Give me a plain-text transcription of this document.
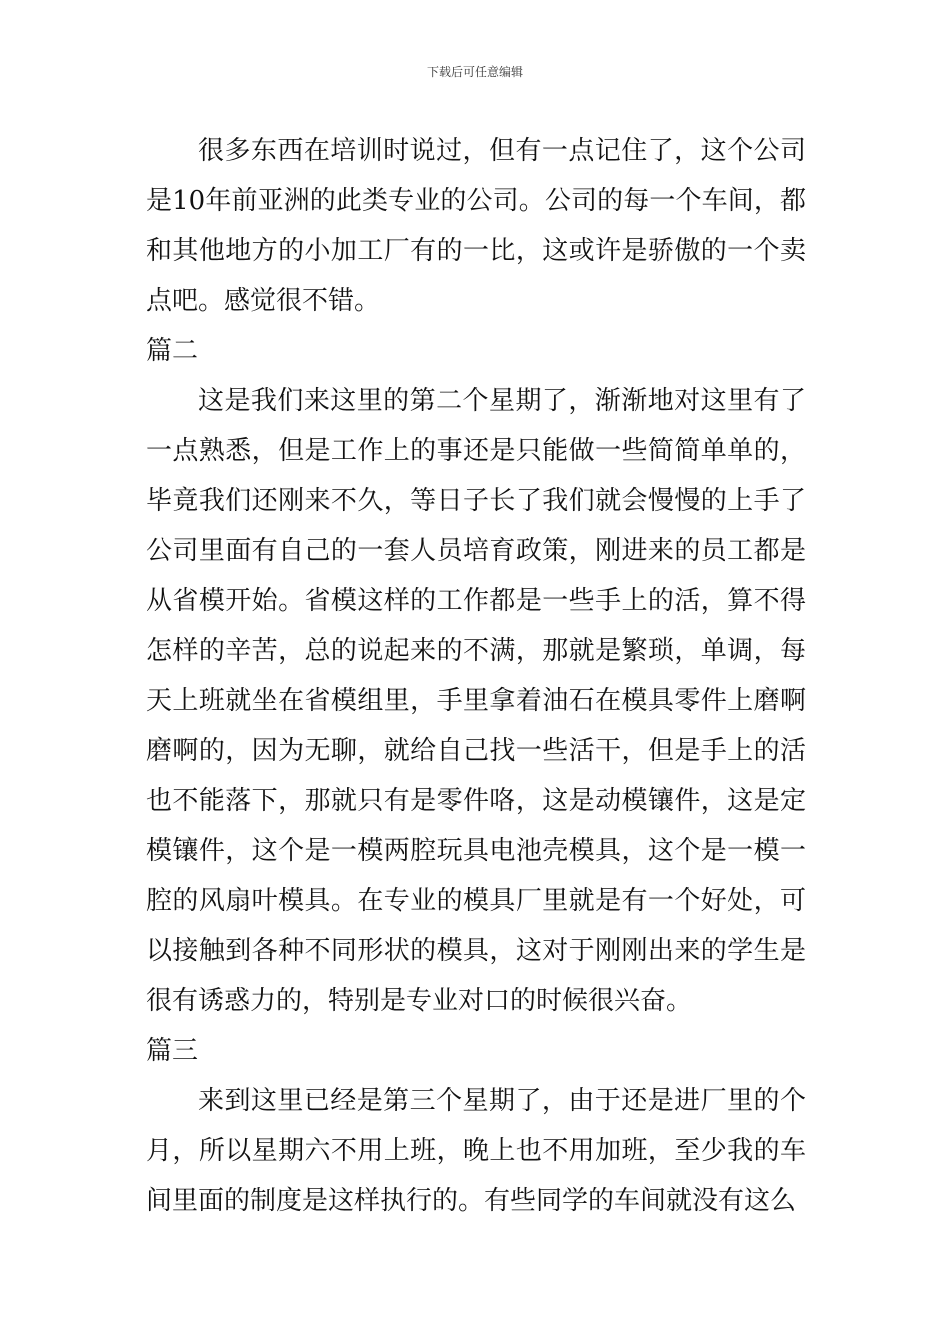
下载后可任意编辑

很多东西在培训时说过，但有一点记住了，这个公司是10年前亚洲的此类专业的公司。公司的每一个车间，都和其他地方的小加工厂有的一比，这或许是骄傲的一个卖点吧。感觉很不错。

篇二

这是我们来这里的第二个星期了，渐渐地对这里有了一点熟悉，但是工作上的事还是只能做一些简简单单的，毕竟我们还刚来不久，等日子长了我们就会慢慢的上手了公司里面有自己的一套人员培育政策，刚进来的员工都是从省模开始。省模这样的工作都是一些手上的活，算不得怎样的辛苦，总的说起来的不满，那就是繁琐，单调，每天上班就坐在省模组里，手里拿着油石在模具零件上磨啊磨啊的，因为无聊，就给自己找一些活干，但是手上的活也不能落下，那就只有是零件咯，这是动模镶件，这是定模镶件，这个是一模两腔玩具电池壳模具，这个是一模一腔的风扇叶模具。在专业的模具厂里就是有一个好处，可以接触到各种不同形状的模具，这对于刚刚出来的学生是很有诱惑力的，特别是专业对口的时候很兴奋。

篇三

来到这里已经是第三个星期了，由于还是进厂里的个月，所以星期六不用上班，晚上也不用加班，至少我的车间里面的制度是这样执行的。有些同学的车间就没有这么
